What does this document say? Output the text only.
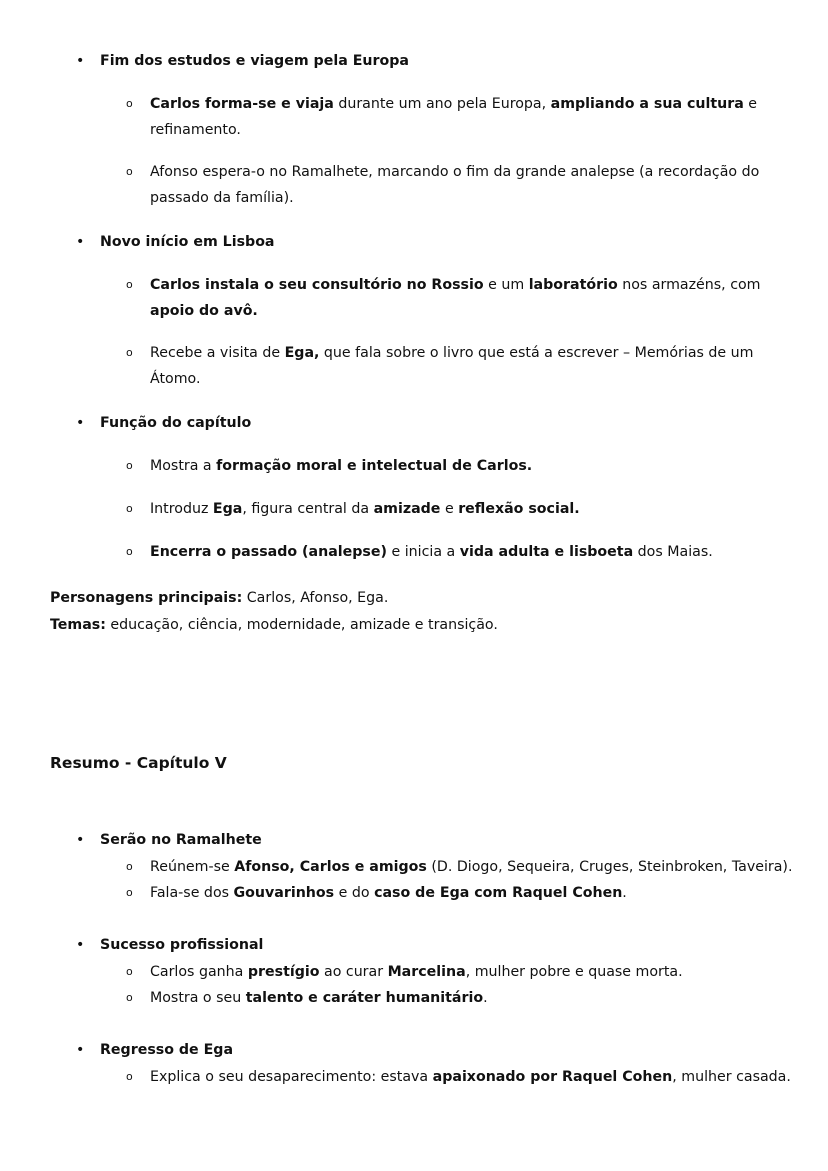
• Fim dos estudos e viagem pela Europa
o Carlos forma-se e viaja durante um ano pela Europa, ampliando a sua cultura e refinamento.
o Afonso espera-o no Ramalhete, marcando o fim da grande analepse (a recordação do passado da família).
• Novo início em Lisboa
o Carlos instala o seu consultório no Rossio e um laboratório nos armazéns, com apoio do avô.
o Recebe a visita de Ega, que fala sobre o livro que está a escrever – Memórias de um Átomo.
• Função do capítulo
o Mostra a formação moral e intelectual de Carlos.
o Introduz Ega, figura central da amizade e reflexão social.
o Encerra o passado (analepse) e inicia a vida adulta e lisboeta dos Maias.
Personagens principais: Carlos, Afonso, Ega.
Temas: educação, ciência, modernidade, amizade e transição.
Resumo - Capítulo V
• Serão no Ramalhete
o Reúnem-se Afonso, Carlos e amigos (D. Diogo, Sequeira, Cruges, Steinbroken, Taveira).
o Fala-se dos Gouvarinhos e do caso de Ega com Raquel Cohen.
• Sucesso profissional
o Carlos ganha prestígio ao curar Marcelina, mulher pobre e quase morta.
o Mostra o seu talento e caráter humanitário.
• Regresso de Ega
o Explica o seu desaparecimento: estava apaixonado por Raquel Cohen, mulher casada.
